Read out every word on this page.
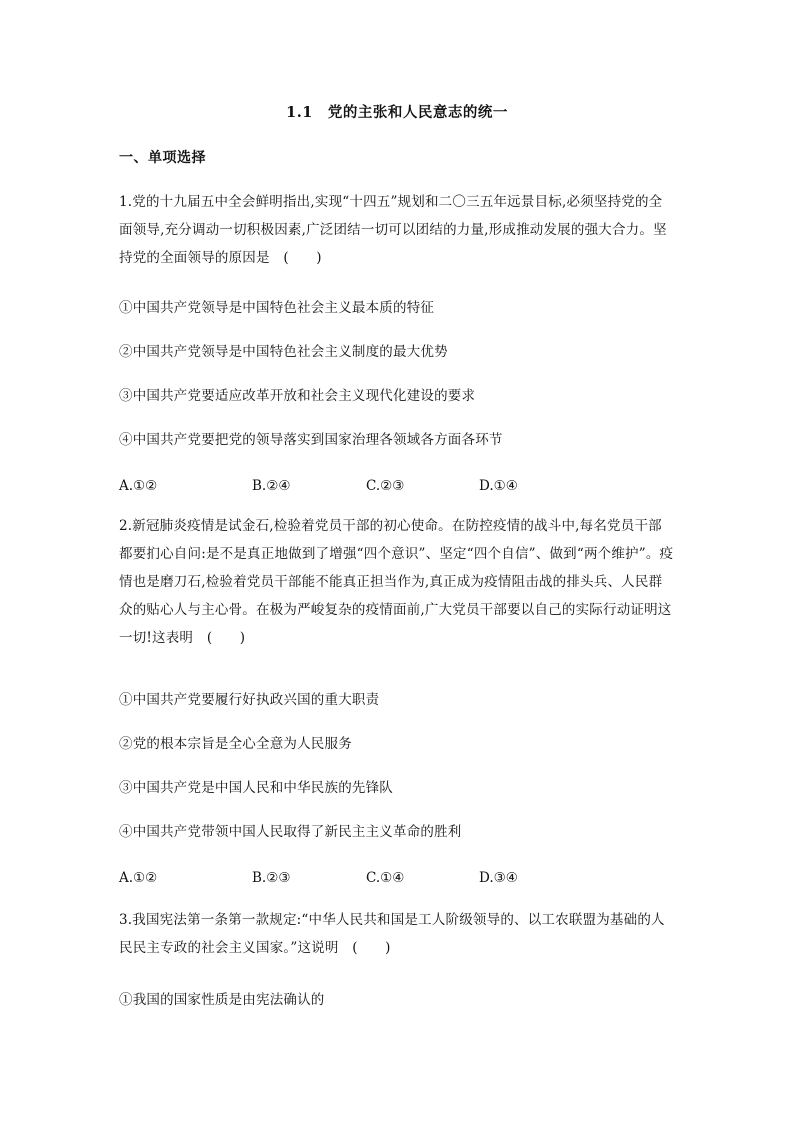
1.1　党的主张和人民意志的统一
一、单项选择
1.党的十九届五中全会鲜明指出,实现“十四五”规划和二〇三五年远景目标,必须坚持党的全面领导,充分调动一切积极因素,广泛团结一切可以团结的力量,形成推动发展的强大合力。坚持党的全面领导的原因是　(　　)
①中国共产党领导是中国特色社会主义最本质的特征
②中国共产党领导是中国特色社会主义制度的最大优势
③中国共产党要适应改革开放和社会主义现代化建设的要求
④中国共产党要把党的领导落实到国家治理各领域各方面各环节
A.①②	B.②④	C.②③	D.①④
2.新冠肺炎疫情是试金石,检验着党员干部的初心使命。在防控疫情的战斗中,每名党员干部都要扪心自问:是不是真正地做到了增强“四个意识”、坚定“四个自信”、做到“两个维护”。疫情也是磨刀石,检验着党员干部能不能真正担当作为,真正成为疫情阻击战的排头兵、人民群众的贴心人与主心骨。在极为严峻复杂的疫情面前,广大党员干部要以自己的实际行动证明这一切!这表明　(　　)
①中国共产党要履行好执政兴国的重大职责
②党的根本宗旨是全心全意为人民服务
③中国共产党是中国人民和中华民族的先锋队
④中国共产党带领中国人民取得了新民主主义革命的胜利
A.①②	B.②③	C.①④	D.③④
3.我国宪法第一条第一款规定:“中华人民共和国是工人阶级领导的、以工农联盟为基础的人民民主专政的社会主义国家。”这说明　(　　)
①我国的国家性质是由宪法确认的
